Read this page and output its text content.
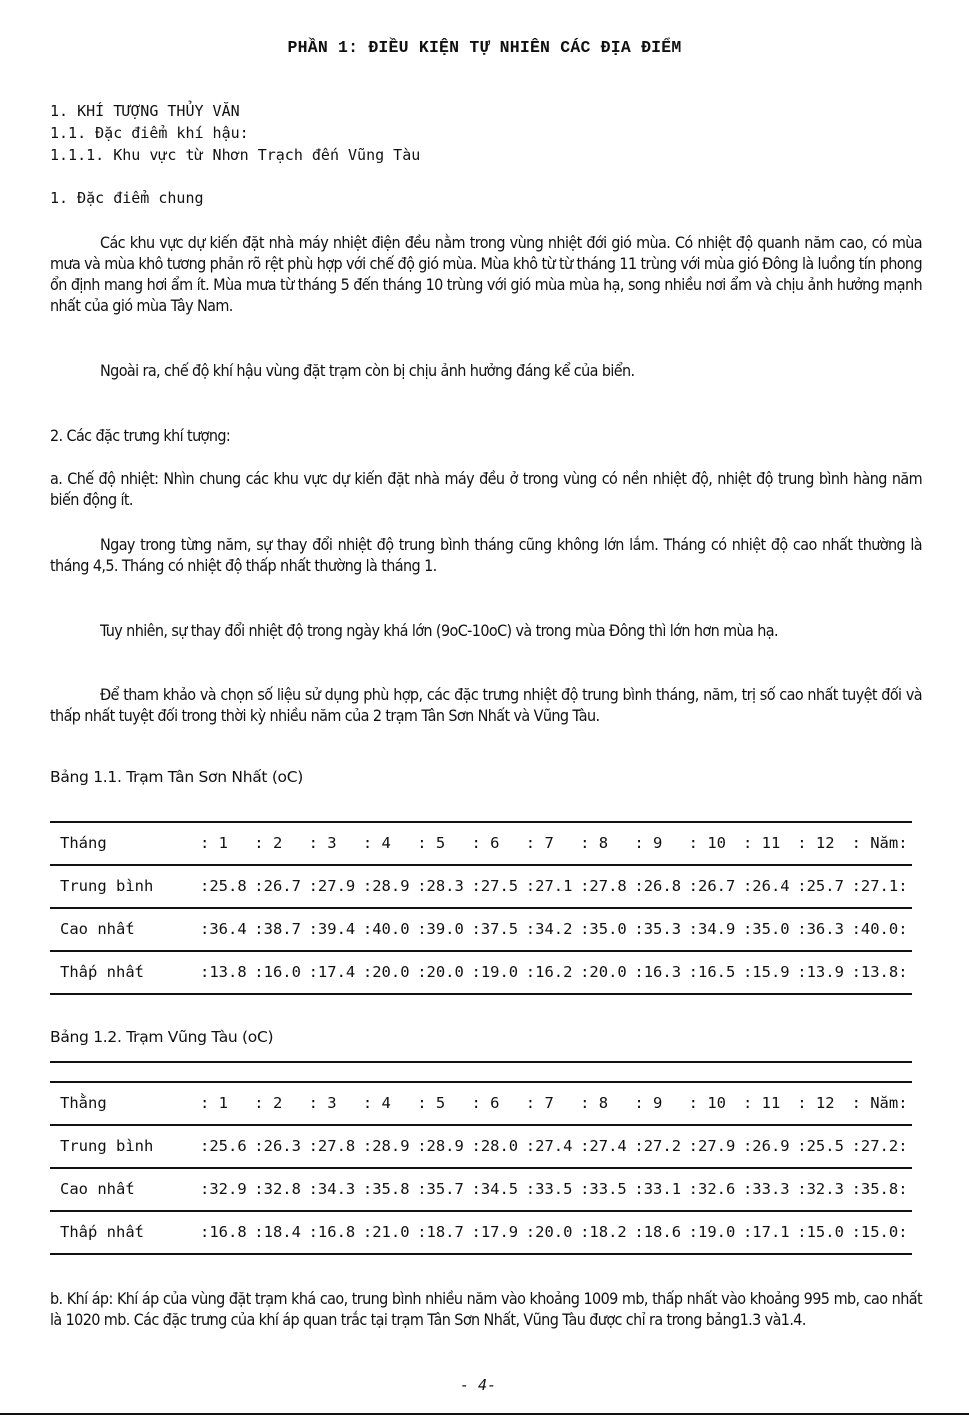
PHẦN 1: ĐIỀU KIỆN TỰ NHIÊN CÁC ĐỊA ĐIỂM
1. KHÍ TƯỢNG THỦY VĂN
1.1. Đặc điểm khí hậu:
1.1.1. Khu vực từ Nhơn Trạch đến Vũng Tàu
1. Đặc điểm chung
Các khu vực dự kiến đặt nhà máy nhiệt điện đều nằm trong vùng nhiệt đới gió mùa. Có nhiệt độ quanh năm cao, có mùa mưa và mùa khô tương phản rõ rệt phù hợp với chế độ gió mùa. Mùa khô từ từ tháng 11 trùng với mùa gió Đông là luồng tín phong ổn định mang hơi ẩm ít. Mùa mưa từ tháng 5 đến tháng 10 trùng với gió mùa mùa hạ, song nhiều nơi ẩm và chịu ảnh hưởng mạnh nhất của gió mùa Tây Nam.
Ngoài ra, chế độ khí hậu vùng đặt trạm còn bị chịu ảnh hưởng đáng kể của biển.
2. Các đặc trưng khí tượng:
a. Chế độ nhiệt: Nhìn chung các khu vực dự kiến đặt nhà máy đều ở trong vùng có nền nhiệt độ, nhiệt độ trung bình hàng năm biến động ít.
Ngay trong từng năm, sự thay đổi nhiệt độ trung bình tháng cũng không lớn lắm. Tháng có nhiệt độ cao nhất thường là tháng 4,5. Tháng có nhiệt độ thấp nhất thường là tháng 1.
Tuy nhiên, sự thay đổi nhiệt độ trong ngày khá lớn (9oC-10oC) và trong mùa Đông thì lớn hơn mùa hạ.
Để tham khảo và chọn số liệu sử dụng phù hợp, các đặc trưng nhiệt độ trung bình tháng, năm, trị số cao nhất tuyệt đối và thấp nhất tuyệt đối trong thời kỳ nhiều năm của 2 trạm Tân Sơn Nhất và Vũng Tàu.
Bảng 1.1. Trạm Tân Sơn Nhất (oC)
Tháng	: 1	: 2	: 3	: 4	: 5	: 6	: 7	: 8	: 9	: 10	: 11	: 12	: Năm:
Trung bình	:25.8 :26.7 :27.9 :28.9 :28.3 :27.5 :27.1 :27.8 :26.8 :26.7 :26.4 :25.7 :27.1:
Cao nhất	:36.4 :38.7 :39.4 :40.0 :39.0 :37.5 :34.2 :35.0 :35.3 :34.9 :35.0 :36.3 :40.0:
Thấp nhất	:13.8 :16.0 :17.4 :20.0 :20.0 :19.0 :16.2 :20.0 :16.3 :16.5 :15.9 :13.9 :13.8:
Bảng 1.2. Trạm Vũng Tàu (oC)
Thằng	: 1	: 2	: 3	: 4	: 5	: 6	: 7	: 8	: 9	: 10	: 11	: 12	: Năm:
Trung bình	:25.6 :26.3 :27.8 :28.9 :28.9 :28.0 :27.4 :27.4 :27.2 :27.9 :26.9 :25.5 :27.2:
Cao nhất	:32.9 :32.8 :34.3 :35.8 :35.7 :34.5 :33.5 :33.5 :33.1 :32.6 :33.3 :32.3 :35.8:
Thấp nhất	:16.8 :18.4 :16.8 :21.0 :18.7 :17.9 :20.0 :18.2 :18.6 :19.0 :17.1 :15.0 :15.0:
b. Khí áp: Khí áp của vùng đặt trạm khá cao, trung bình nhiều năm vào khoảng 1009 mb, thấp nhất vào khoảng 995 mb, cao nhất là 1020 mb. Các đặc trưng của khí áp quan trắc tại trạm Tân Sơn Nhất, Vũng Tàu được chỉ ra trong bảng1.3 và1.4.
- 4-
